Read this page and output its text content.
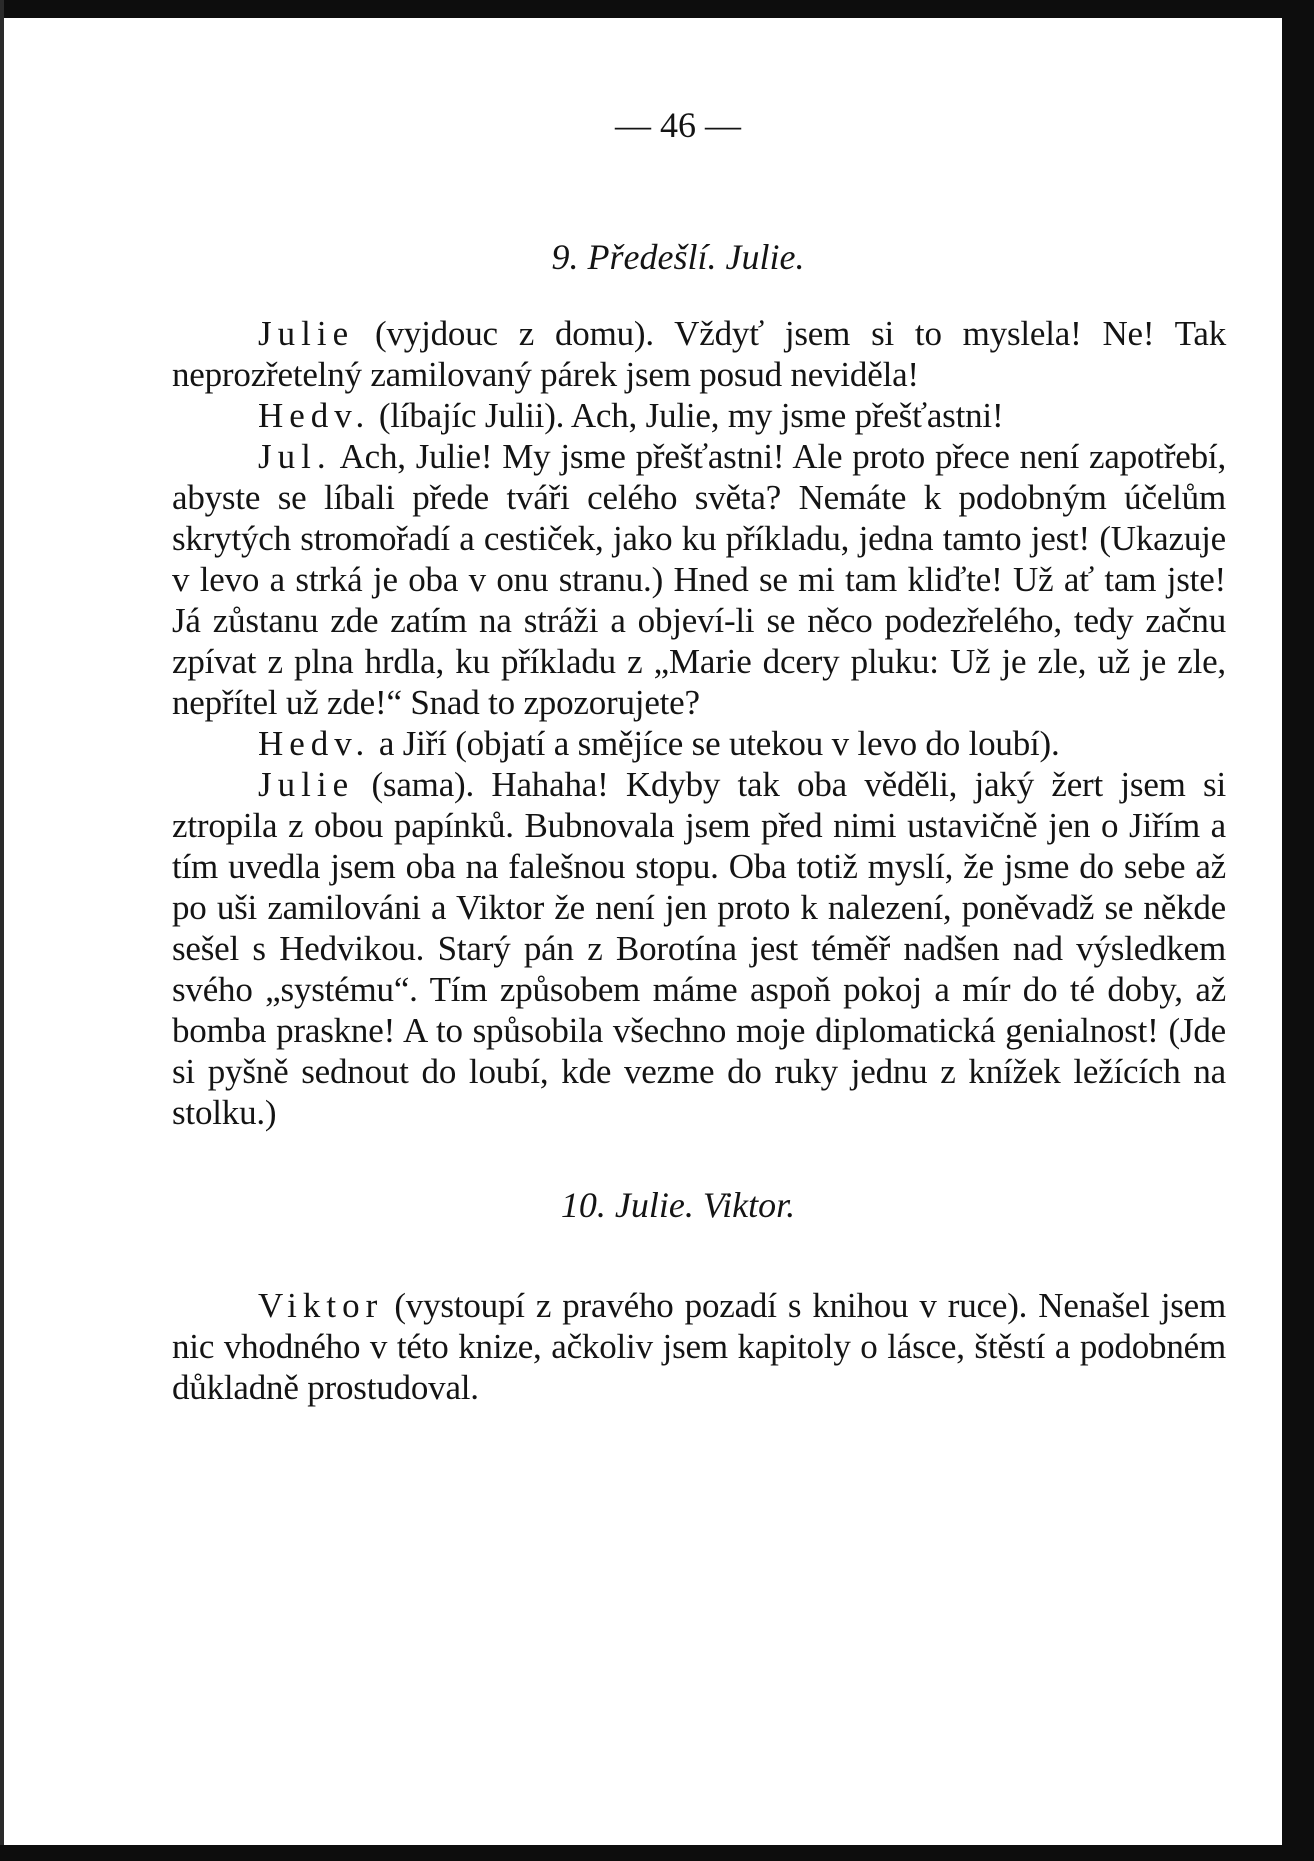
— 46 —
9. Předešlí. Julie.

Julie (vyjdouc z domu). Vždyť jsem si to myslela! Ne! Tak neprozřetelný zamilovaný párek jsem posud neviděla!

Hedv. (líbajíc Julii). Ach, Julie, my jsme přešťastni!

Jul. Ach, Julie! My jsme přešťastni! Ale proto přece není zapotřebí, abyste se líbali přede tváři celého světa? Nemáte k podobným účelům skrytých stromořadí a cestiček, jako ku příkladu, jedna tamto jest! (Ukazuje v levo a strká je oba v onu stranu.) Hned se mi tam kliďte! Už ať tam jste! Já zůstanu zde zatím na stráži a objeví-li se něco podezřelého, tedy začnu zpívat z plna hrdla, ku příkladu z „Marie dcery pluku: Už je zle, už je zle, nepřítel už zde!“ Snad to zpozorujete?

Hedv. a Jiří (objatí a smějíce se utekou v levo do loubí).

Julie (sama). Hahaha! Kdyby tak oba věděli, jaký žert jsem si ztropila z obou papínků. Bubnovala jsem před nimi ustavičně jen o Jiřím a tím uvedla jsem oba na falešnou stopu. Oba totiž myslí, že jsme do sebe až po uši zamilováni a Viktor že není jen proto k nalezení, poněvadž se někde sešel s Hedvikou. Starý pán z Borotína jest téměř nadšen nad výsledkem svého „systému“. Tím způsobem máme aspoň pokoj a mír do té doby, až bomba praskne! A to spůsobila všechno moje diplomatická genialnost! (Jde si pyšně sednout do loubí, kde vezme do ruky jednu z knížek ležících na stolku.)

10. Julie. Viktor.

Viktor (vystoupí z pravého pozadí s knihou v ruce). Nenašel jsem nic vhodného v této knize, ačkoliv jsem kapitoly o lásce, štěstí a podobném důkladně prostudoval.
